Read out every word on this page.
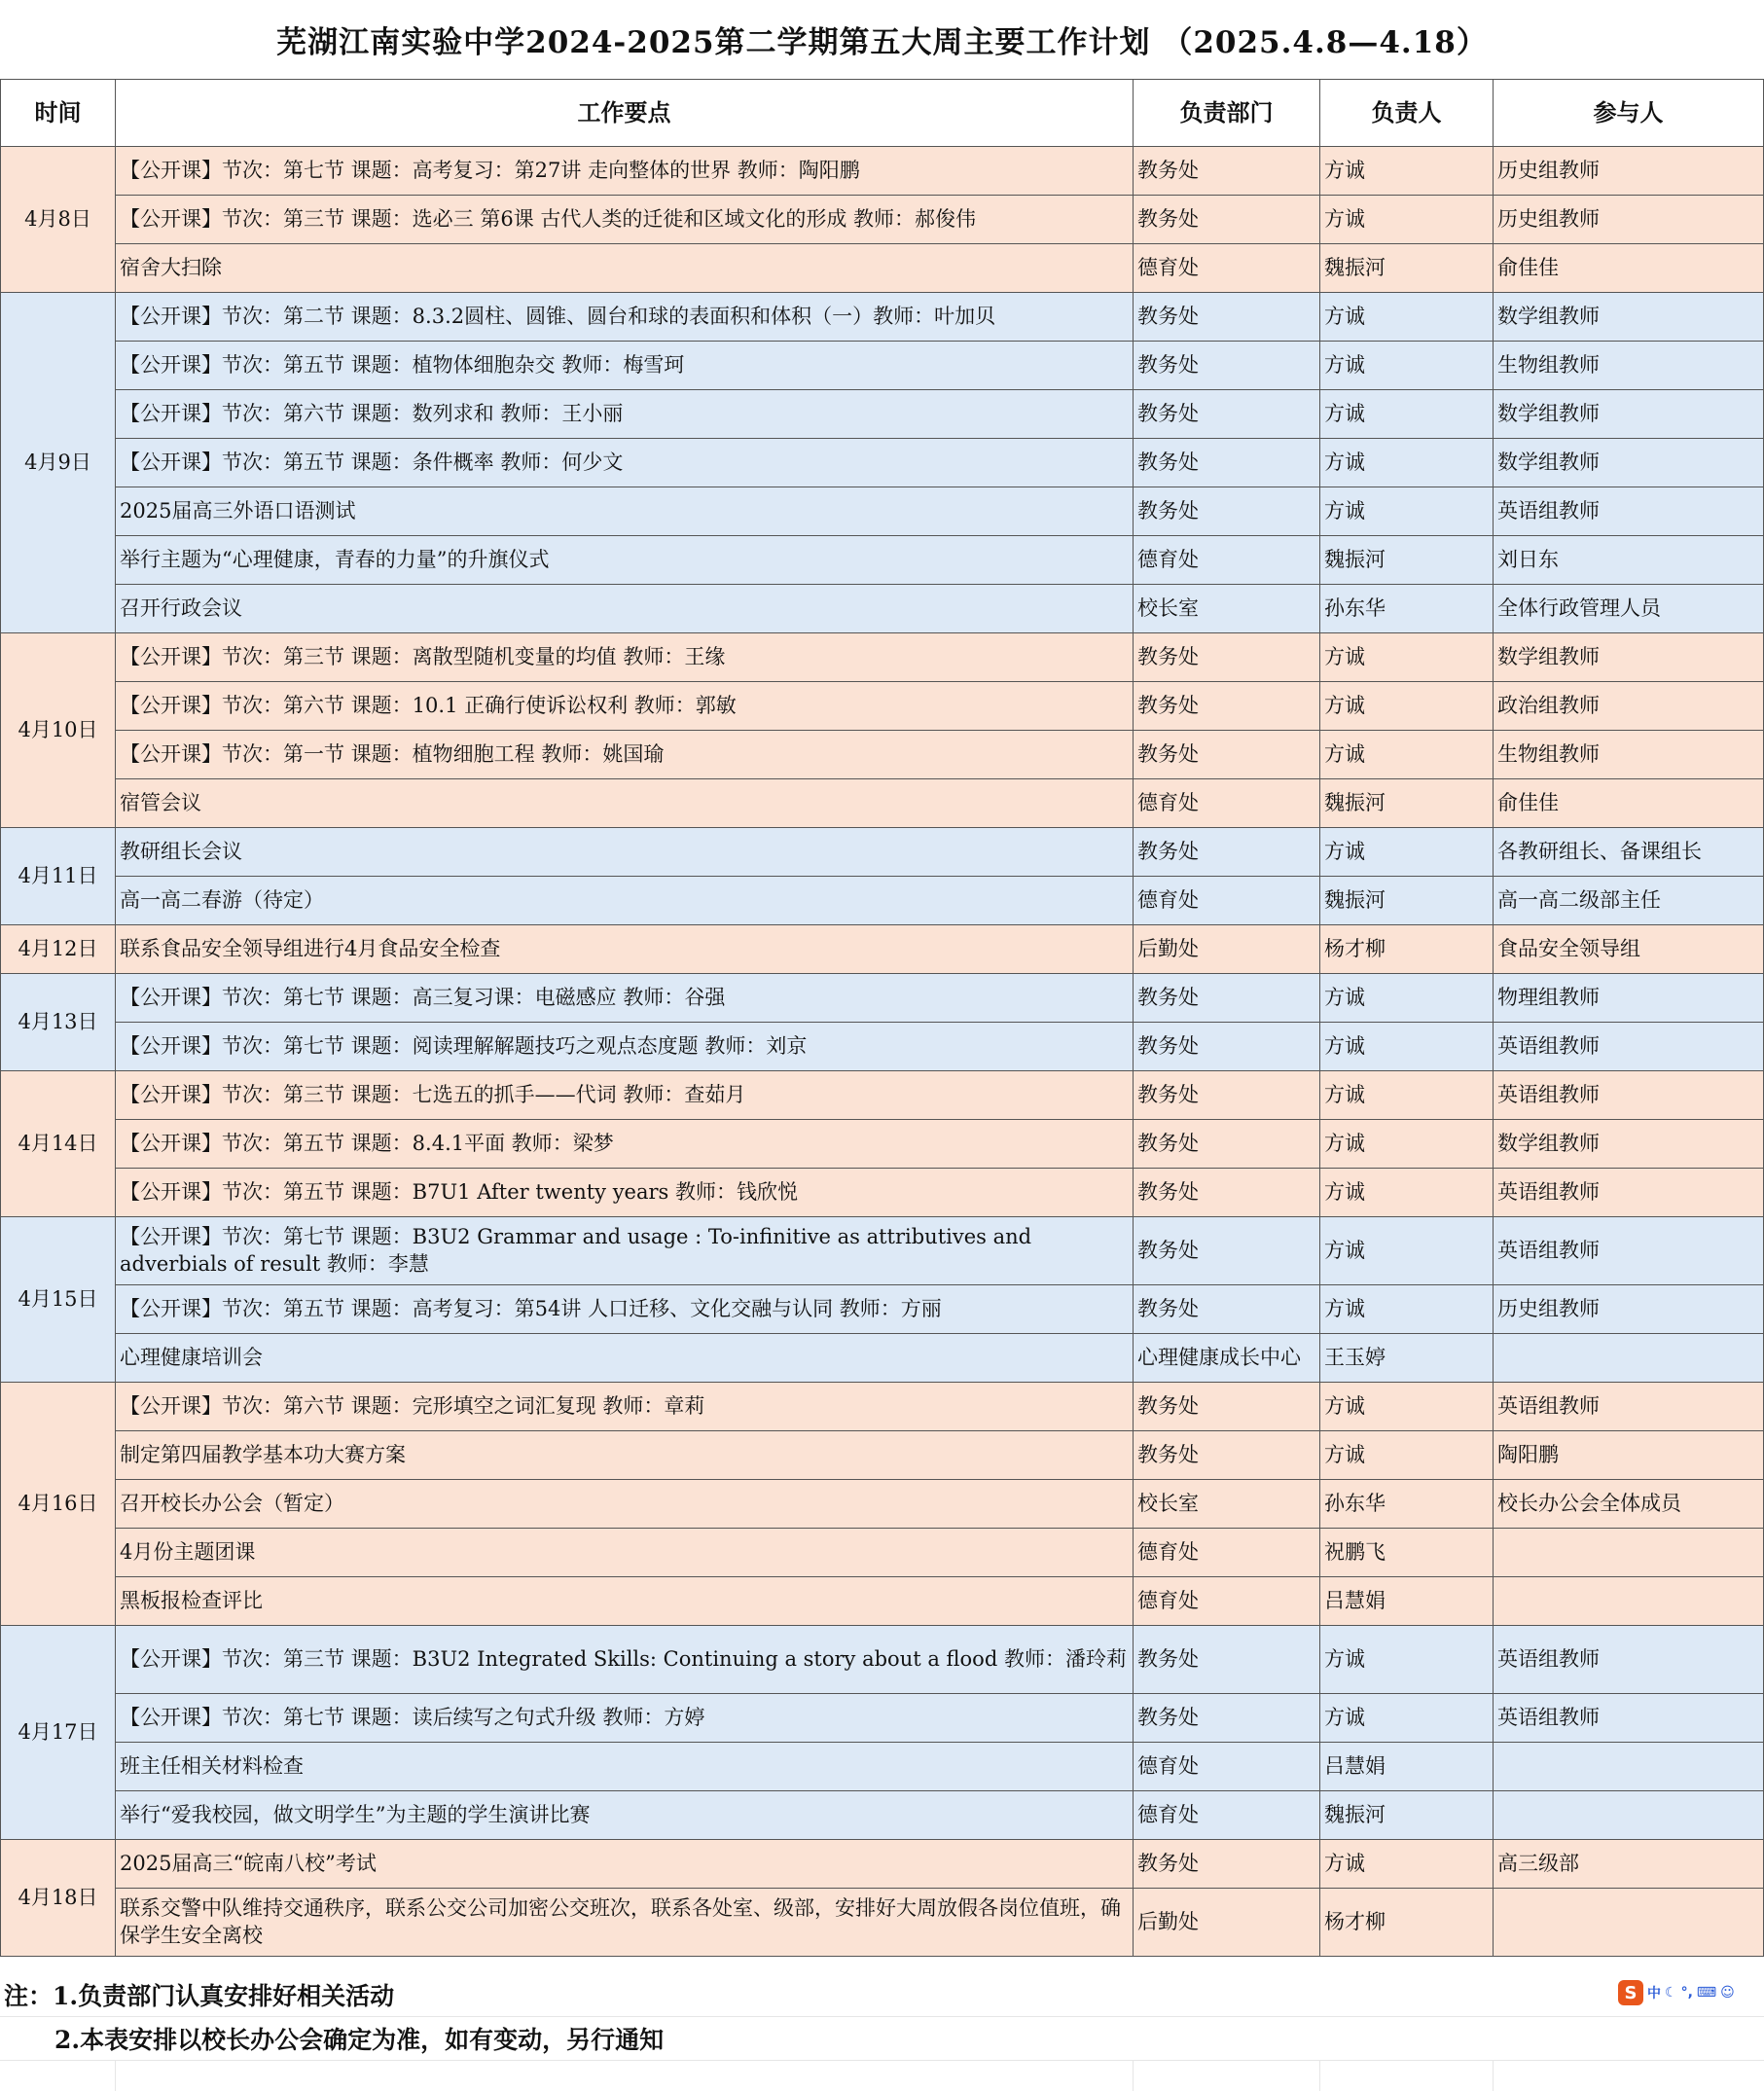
芜湖江南实验中学2024-2025第二学期第五大周主要工作计划 （2025.4.8—4.18）
时间	工作要点	负责部门	负责人	参与人
4月8日	【公开课】节次：第七节 课题：高考复习：第27讲 走向整体的世界 教师：陶阳鹏	教务处	方诚	历史组教师
	【公开课】节次：第三节 课题：选必三 第6课 古代人类的迁徙和区域文化的形成 教师：郝俊伟	教务处	方诚	历史组教师
	宿舍大扫除	德育处	魏振河	俞佳佳
4月9日	【公开课】节次：第二节 课题：8.3.2圆柱、圆锥、圆台和球的表面积和体积（一）教师：叶加贝	教务处	方诚	数学组教师
	【公开课】节次：第五节 课题：植物体细胞杂交 教师：梅雪珂	教务处	方诚	生物组教师
	【公开课】节次：第六节 课题：数列求和 教师：王小丽	教务处	方诚	数学组教师
	【公开课】节次：第五节 课题：条件概率 教师：何少文	教务处	方诚	数学组教师
	2025届高三外语口语测试	教务处	方诚	英语组教师
	举行主题为“心理健康，青春的力量”的升旗仪式	德育处	魏振河	刘日东
	召开行政会议	校长室	孙东华	全体行政管理人员
4月10日	【公开课】节次：第三节 课题：离散型随机变量的均值 教师：王缘	教务处	方诚	数学组教师
	【公开课】节次：第六节 课题：10.1 正确行使诉讼权利 教师：郭敏	教务处	方诚	政治组教师
	【公开课】节次：第一节 课题：植物细胞工程 教师：姚国瑜	教务处	方诚	生物组教师
	宿管会议	德育处	魏振河	俞佳佳
4月11日	教研组长会议	教务处	方诚	各教研组长、备课组长
	高一高二春游（待定）	德育处	魏振河	高一高二级部主任
4月12日	联系食品安全领导组进行4月食品安全检查	后勤处	杨才柳	食品安全领导组
4月13日	【公开课】节次：第七节 课题：高三复习课：电磁感应 教师：谷强	教务处	方诚	物理组教师
	【公开课】节次：第七节 课题：阅读理解解题技巧之观点态度题 教师：刘京	教务处	方诚	英语组教师
4月14日	【公开课】节次：第三节 课题：七选五的抓手——代词 教师：查茹月	教务处	方诚	英语组教师
	【公开课】节次：第五节 课题：8.4.1平面 教师：梁梦	教务处	方诚	数学组教师
	【公开课】节次：第五节 课题：B7U1 After twenty years 教师：钱欣悦	教务处	方诚	英语组教师
4月15日	【公开课】节次：第七节 课题：B3U2 Grammar and usage : To-infinitive as attributives and adverbials of result 教师：李慧	教务处	方诚	英语组教师
	【公开课】节次：第五节 课题：高考复习：第54讲 人口迁移、文化交融与认同 教师：方丽	教务处	方诚	历史组教师
	心理健康培训会	心理健康成长中心	王玉婷	
4月16日	【公开课】节次：第六节 课题：完形填空之词汇复现 教师：章莉	教务处	方诚	英语组教师
	制定第四届教学基本功大赛方案	教务处	方诚	陶阳鹏
	召开校长办公会（暂定）	校长室	孙东华	校长办公会全体成员
	4月份主题团课	德育处	祝鹏飞	
	黑板报检查评比	德育处	吕慧娟	
4月17日	【公开课】节次：第三节 课题：B3U2 Integrated Skills: Continuing a story about a flood 教师：潘玲莉	教务处	方诚	英语组教师
	【公开课】节次：第七节 课题：读后续写之句式升级 教师：方婷	教务处	方诚	英语组教师
	班主任相关材料检查	德育处	吕慧娟	
	举行“爱我校园，做文明学生”为主题的学生演讲比赛	德育处	魏振河	
4月18日	2025届高三“皖南八校”考试	教务处	方诚	高三级部
	联系交警中队维持交通秩序，联系公交公司加密公交班次，联系各处室、级部，安排好大周放假各岗位值班，确保学生安全离校	后勤处	杨才柳	
注：1.负责部门认真安排好相关活动
2.本表安排以校长办公会确定为准，如有变动，另行通知
S 中 ☾ °, ⌨ ☺
